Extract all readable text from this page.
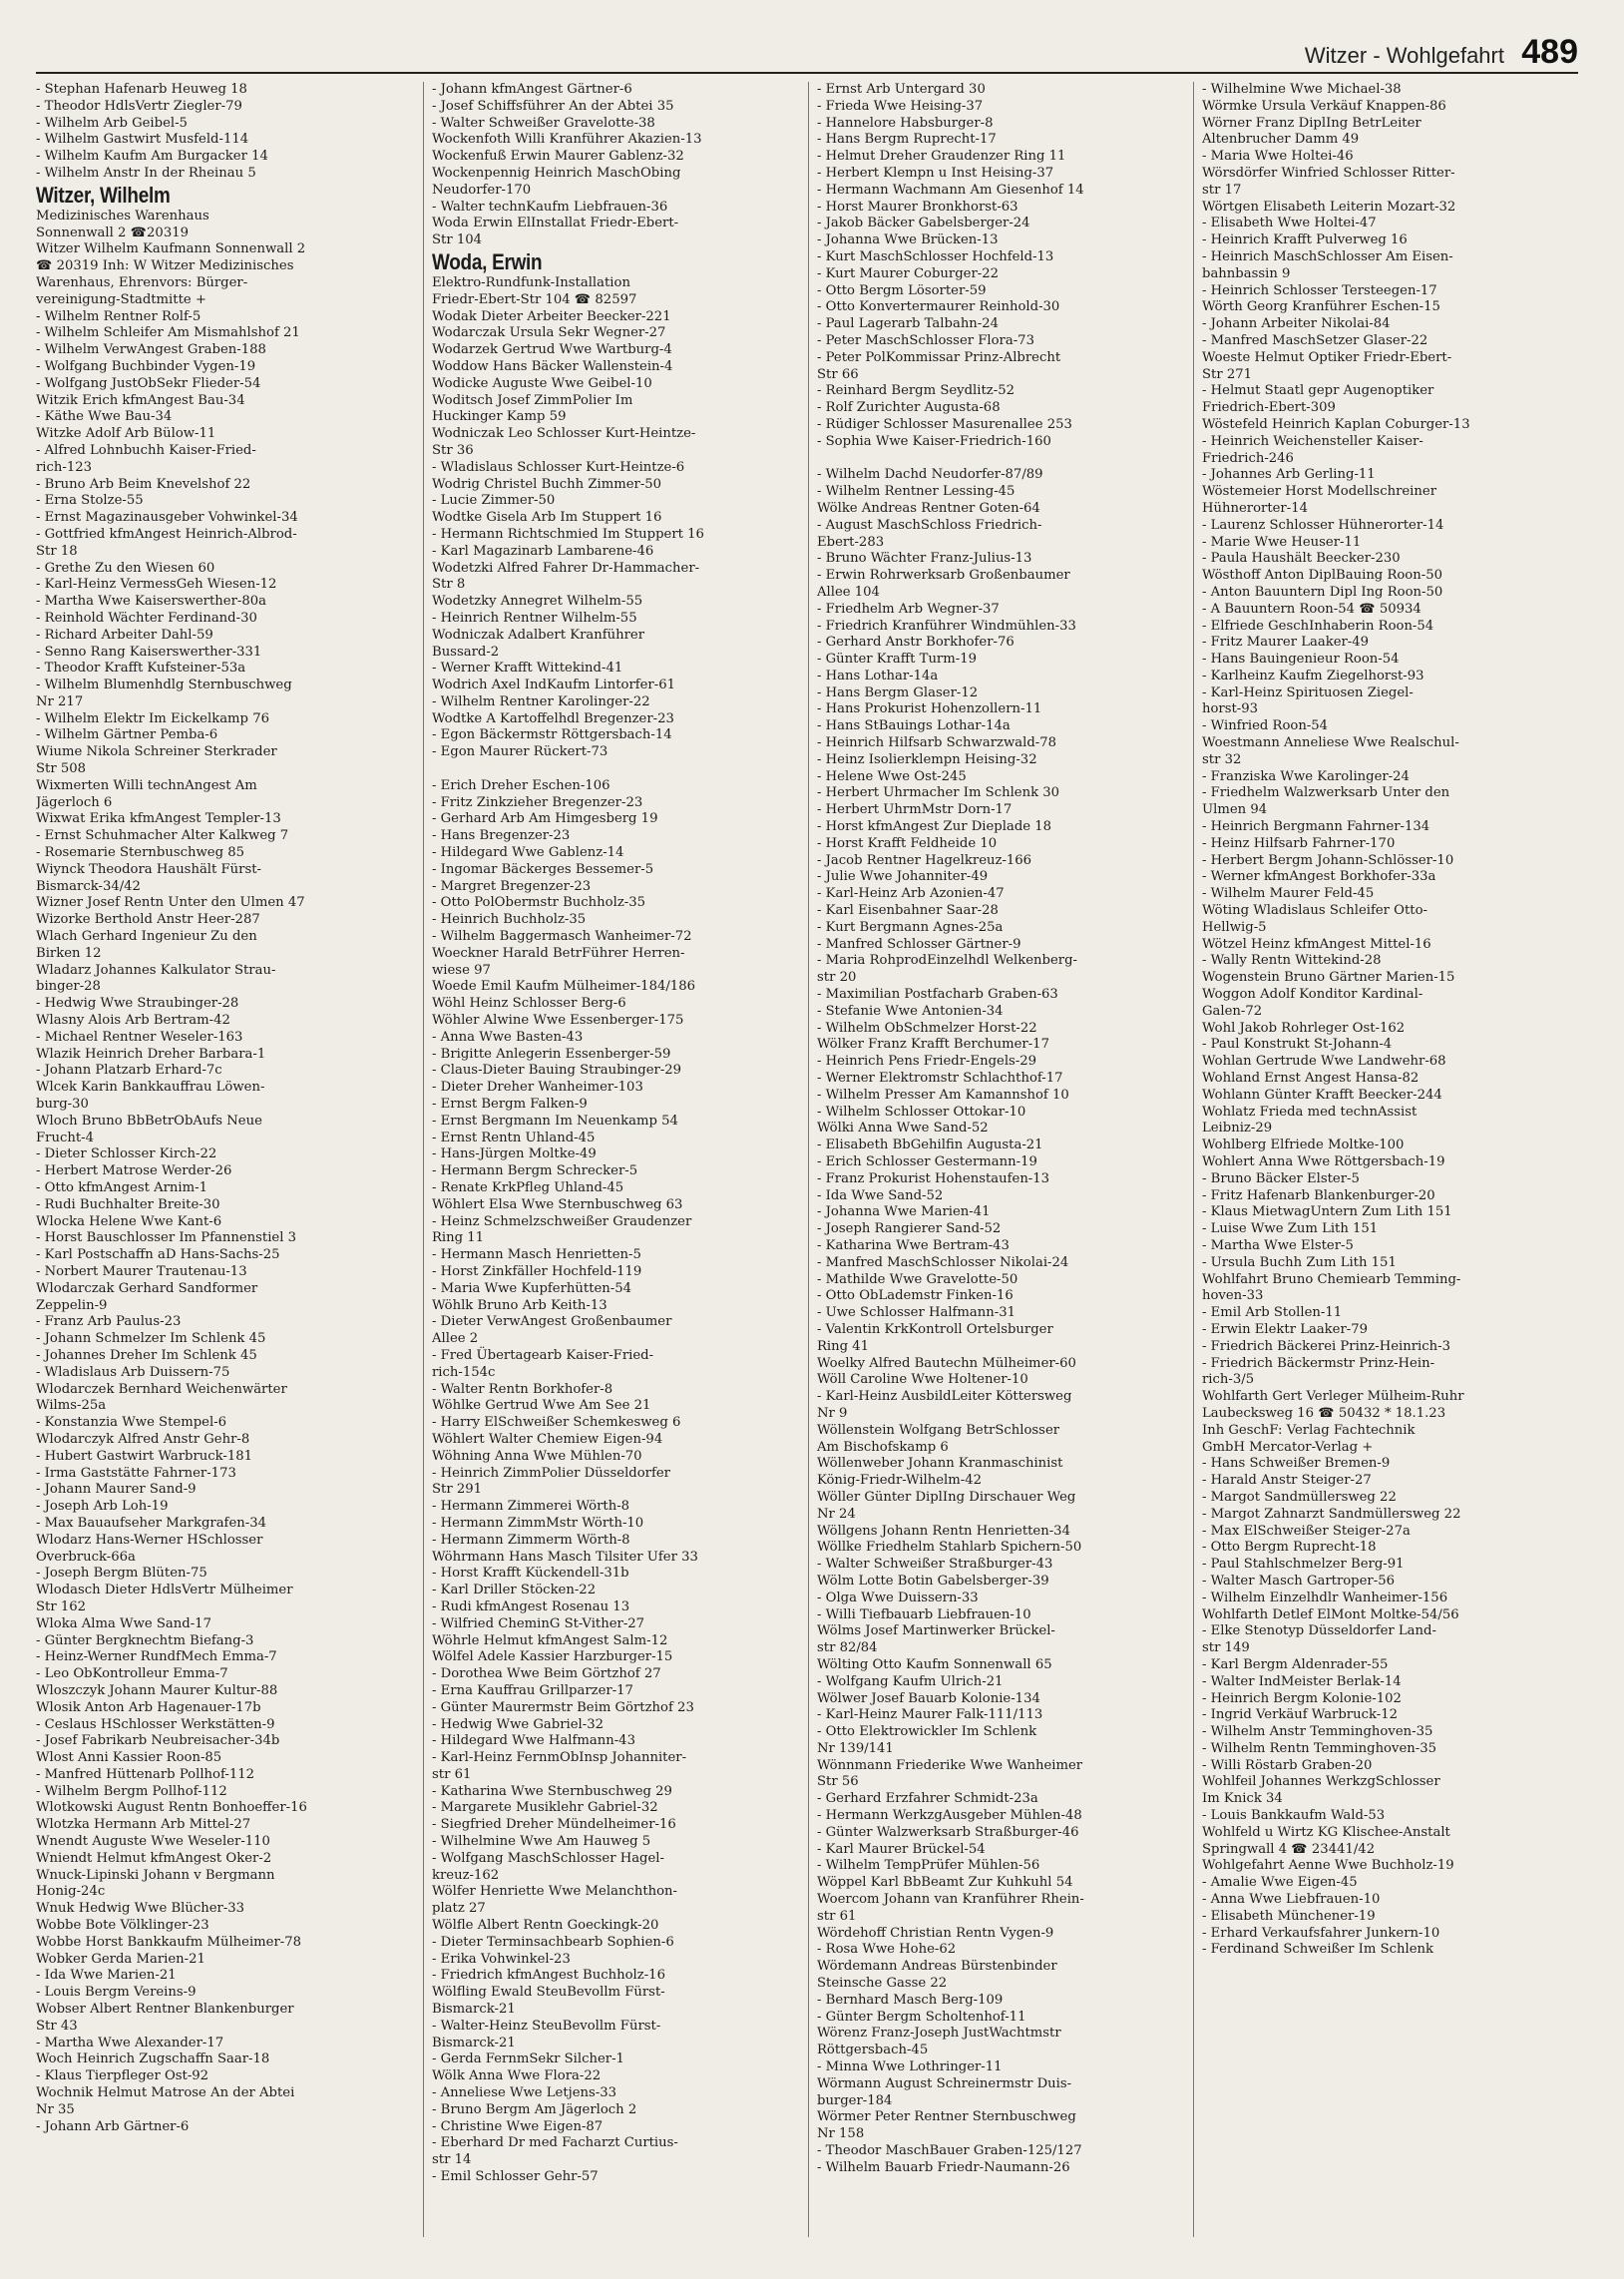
Witzer - Wohlgefahrt 489
- Stephan Hafenarb Heuweg 18
- Theodor HdlsVertr Ziegler-79
- Wilhelm Arb Geibel-5
- Wilhelm Gastwirt Musfeld-114
- Wilhelm Kaufm Am Burgacker 14
- Wilhelm Anstr In der Rheinau 5
Witzer, Wilhelm
Medizinisches Warenhaus
Sonnenwall 2 ☎20319
Witzer Wilhelm Kaufmann Sonnenwall 2
☎ 20319 Inh: W Witzer Medizinisches
Warenhaus, Ehrenvors: Bürger-
vereinigung-Stadtmitte +
- Wilhelm Rentner Rolf-5
- Wilhelm Schleifer Am Mismahlshof 21
- Wilhelm VerwAngest Graben-188
- Wolfgang Buchbinder Vygen-19
- Wolfgang JustObSekr Flieder-54
Witzik Erich kfmAngest Bau-34
- Käthe Wwe Bau-34
Witzke Adolf Arb Bülow-11
- Alfred Lohnbuchh Kaiser-Fried-
rich-123
- Bruno Arb Beim Knevelshof 22
- Erna Stolze-55
- Ernst Magazinausgeber Vohwinkel-34
- Gottfried kfmAngest Heinrich-Albrod-
Str 18
- Grethe Zu den Wiesen 60
- Karl-Heinz VermessGeh Wiesen-12
- Martha Wwe Kaiserswerther-80a
- Reinhold Wächter Ferdinand-30
- Richard Arbeiter Dahl-59
- Senno Rang Kaiserswerther-331
- Theodor Krafft Kufsteiner-53a
- Wilhelm Blumenhdlg Sternbuschweg
Nr 217
- Wilhelm Elektr Im Eickelkamp 76
- Wilhelm Gärtner Pemba-6
Wiume Nikola Schreiner Sterkrader
Str 508
Wixmerten Willi technAngest Am
Jägerloch 6
Wixwat Erika kfmAngest Templer-13
- Ernst Schuhmacher Alter Kalkweg 7
- Rosemarie Sternbuschweg 85
Wiynck Theodora Haushält Fürst-
Bismarck-34/42
Wizner Josef Rentn Unter den Ulmen 47
Wizorke Berthold Anstr Heer-287
Wlach Gerhard Ingenieur Zu den
Birken 12
Wladarz Johannes Kalkulator Strau-
binger-28
- Hedwig Wwe Straubinger-28
Wlasny Alois Arb Bertram-42
- Michael Rentner Weseler-163
Wlazik Heinrich Dreher Barbara-1
- Johann Platzarb Erhard-7c
Wlcek Karin Bankkauffrau Löwen-
burg-30
Wloch Bruno BbBetrObAufs Neue
Frucht-4
- Dieter Schlosser Kirch-22
- Herbert Matrose Werder-26
- Otto kfmAngest Arnim-1
- Rudi Buchhalter Breite-30
Wlocka Helene Wwe Kant-6
- Horst Bauschlosser Im Pfannenstiel 3
- Karl Postschaffn aD Hans-Sachs-25
- Norbert Maurer Trautenau-13
Wlodarczak Gerhard Sandformer
Zeppelin-9
- Franz Arb Paulus-23
- Johann Schmelzer Im Schlenk 45
- Johannes Dreher Im Schlenk 45
- Wladislaus Arb Duissern-75
Wlodarczek Bernhard Weichenwärter
Wilms-25a
- Konstanzia Wwe Stempel-6
Wlodarczyk Alfred Anstr Gehr-8
- Hubert Gastwirt Warbruck-181
- Irma Gaststätte Fahrner-173
- Johann Maurer Sand-9
- Joseph Arb Loh-19
- Max Bauaufseher Markgrafen-34
Wlodarz Hans-Werner HSchlosser
Overbruck-66a
- Joseph Bergm Blüten-75
Wlodasch Dieter HdlsVertr Mülheimer
Str 162
Wloka Alma Wwe Sand-17
- Günter Bergknechtm Biefang-3
- Heinz-Werner RundfMech Emma-7
- Leo ObKontrolleur Emma-7
Wloszczyk Johann Maurer Kultur-88
Wlosik Anton Arb Hagenauer-17b
- Ceslaus HSchlosser Werkstätten-9
- Josef Fabrikarb Neubreisacher-34b
Wlost Anni Kassier Roon-85
- Manfred Hüttenarb Pollhof-112
- Wilhelm Bergm Pollhof-112
Wlotkowski August Rentn Bonhoeffer-16
Wlotzka Hermann Arb Mittel-27
Wnendt Auguste Wwe Weseler-110
Wniendt Helmut kfmAngest Oker-2
Wnuck-Lipinski Johann v Bergmann
Honig-24c
Wnuk Hedwig Wwe Blücher-33
Wobbe Bote Völklinger-23
Wobbe Horst Bankkaufm Mülheimer-78
Wobker Gerda Marien-21
- Ida Wwe Marien-21
- Louis Bergm Vereins-9
Wobser Albert Rentner Blankenburger
Str 43
- Martha Wwe Alexander-17
Woch Heinrich Zugschaffn Saar-18
- Klaus Tierpfleger Ost-92
Wochnik Helmut Matrose An der Abtei
Nr 35
- Johann Arb Gärtner-6
- Johann kfmAngest Gärtner-6
- Josef Schiffsführer An der Abtei 35
- Walter Schweißer Gravelotte-38
Wockenfoth Willi Kranführer Akazien-13
Wockenfuß Erwin Maurer Gablenz-32
Wockenpennig Heinrich MaschObing
Neudorfer-170
- Walter technKaufm Liebfrauen-36
Woda Erwin ElInstallat Friedr-Ebert-
Str 104
Woda, Erwin
Elektro-Rundfunk-Installation
Friedr-Ebert-Str 104 ☎ 82597
Wodak Dieter Arbeiter Beecker-221
Wodarczak Ursula Sekr Wegner-27
Wodarzek Gertrud Wwe Wartburg-4
Woddow Hans Bäcker Wallenstein-4
Wodicke Auguste Wwe Geibel-10
Woditsch Josef ZimmPolier Im
Huckinger Kamp 59
Wodniczak Leo Schlosser Kurt-Heintze-
Str 36
- Wladislaus Schlosser Kurt-Heintze-6
Wodrig Christel Buchh Zimmer-50
- Lucie Zimmer-50
Wodtke Gisela Arb Im Stuppert 16
- Hermann Richtschmied Im Stuppert 16
- Karl Magazinarb Lambarene-46
Wodetzki Alfred Fahrer Dr-Hammacher-
Str 8
Wodetzky Annegret Wilhelm-55
- Heinrich Rentner Wilhelm-55
Wodniczak Adalbert Kranführer
Bussard-2
- Werner Krafft Wittekind-41
Wodrich Axel IndKaufm Lintorfer-61
- Wilhelm Rentner Karolinger-22
Wodtke A Kartoffelhdl Bregenzer-23
- Egon Bäckermstr Röttgersbach-14
- Egon Maurer Rückert-73

- Erich Dreher Eschen-106
- Fritz Zinkzieher Bregenzer-23
- Gerhard Arb Am Himgesberg 19
- Hans Bregenzer-23
- Hildegard Wwe Gablenz-14
- Ingomar Bäckerges Bessemer-5
- Margret Bregenzer-23
- Otto PolObermstr Buchholz-35
- Heinrich Buchholz-35
- Wilhelm Baggermasch Wanheimer-72
Woeckner Harald BetrFührer Herren-
wiese 97
Woede Emil Kaufm Mülheimer-184/186
Wöhl Heinz Schlosser Berg-6
Wöhler Alwine Wwe Essenberger-175
- Anna Wwe Basten-43
- Brigitte Anlegerin Essenberger-59
- Claus-Dieter Bauing Straubinger-29
- Dieter Dreher Wanheimer-103
- Ernst Bergm Falken-9
- Ernst Bergmann Im Neuenkamp 54
- Ernst Rentn Uhland-45
- Hans-Jürgen Moltke-49
- Hermann Bergm Schrecker-5
- Renate KrkPfleg Uhland-45
Wöhlert Elsa Wwe Sternbuschweg 63
- Heinz Schmelzschweißer Graudenzer
Ring 11
- Hermann Masch Henrietten-5
- Horst Zinkfäller Hochfeld-119
- Maria Wwe Kupferhütten-54
Wöhlk Bruno Arb Keith-13
- Dieter VerwAngest Großenbaumer
Allee 2
- Fred Übertagearb Kaiser-Fried-
rich-154c
- Walter Rentn Borkhofer-8
Wöhlke Gertrud Wwe Am See 21
- Harry ElSchweißer Schemkesweg 6
Wöhlert Walter Chemiew Eigen-94
Wöhning Anna Wwe Mühlen-70
- Heinrich ZimmPolier Düsseldorfer
Str 291
- Hermann Zimmerei Wörth-8
- Hermann ZimmMstr Wörth-10
- Hermann Zimmerm Wörth-8
Wöhrmann Hans Masch Tilsiter Ufer 33
- Horst Krafft Kückendell-31b
- Karl Driller Stöcken-22
- Rudi kfmAngest Rosenau 13
- Wilfried CheminG St-Vither-27
Wöhrle Helmut kfmAngest Salm-12
Wölfel Adele Kassier Harzburger-15
- Dorothea Wwe Beim Görtzhof 27
- Erna Kauffrau Grillparzer-17
- Günter Maurermstr Beim Görtzhof 23
- Hedwig Wwe Gabriel-32
- Hildegard Wwe Halfmann-43
- Karl-Heinz FernmObInsp Johanniter-
str 61
- Katharina Wwe Sternbuschweg 29
- Margarete Musiklehr Gabriel-32
- Siegfried Dreher Mündelheimer-16
- Wilhelmine Wwe Am Hauweg 5
- Wolfgang MaschSchlosser Hagel-
kreuz-162
Wölfer Henriette Wwe Melanchthon-
platz 27
Wölfle Albert Rentn Goeckingk-20
- Dieter Terminsachbearb Sophien-6
- Erika Vohwinkel-23
- Friedrich kfmAngest Buchholz-16
Wölfling Ewald SteuBevollm Fürst-
Bismarck-21
- Walter-Heinz SteuBevollm Fürst-
Bismarck-21
- Gerda FernmSekr Silcher-1
Wölk Anna Wwe Flora-22
- Anneliese Wwe Letjens-33
- Bruno Bergm Am Jägerloch 2
- Christine Wwe Eigen-87
- Eberhard Dr med Facharzt Curtius-
str 14
- Emil Schlosser Gehr-57
- Ernst Arb Untergard 30
- Frieda Wwe Heising-37
- Hannelore Habsburger-8
- Hans Bergm Ruprecht-17
- Helmut Dreher Graudenzer Ring 11
- Herbert Klempn u Inst Heising-37
- Hermann Wachmann Am Giesenhof 14
- Horst Maurer Bronkhorst-63
- Jakob Bäcker Gabelsberger-24
- Johanna Wwe Brücken-13
- Kurt MaschSchlosser Hochfeld-13
- Kurt Maurer Coburger-22
- Otto Bergm Lösorter-59
- Otto Konvertermaurer Reinhold-30
- Paul Lagerarb Talbahn-24
- Peter MaschSchlosser Flora-73
- Peter PolKommissar Prinz-Albrecht
Str 66
- Reinhard Bergm Seydlitz-52
- Rolf Zurichter Augusta-68
- Rüdiger Schlosser Masurenallee 253
- Sophia Wwe Kaiser-Friedrich-160

- Wilhelm Dachd Neudorfer-87/89
- Wilhelm Rentner Lessing-45
Wölke Andreas Rentner Goten-64
- August MaschSchloss Friedrich-
Ebert-283
- Bruno Wächter Franz-Julius-13
- Erwin Rohrwerksarb Großenbaumer
Allee 104
- Friedhelm Arb Wegner-37
- Friedrich Kranführer Windmühlen-33
- Gerhard Anstr Borkhofer-76
- Günter Krafft Turm-19
- Hans Lothar-14a
- Hans Bergm Glaser-12
- Hans Prokurist Hohenzollern-11
- Hans StBauings Lothar-14a
- Heinrich Hilfsarb Schwarzwald-78
- Heinz Isolierklempn Heising-32
- Helene Wwe Ost-245
- Herbert Uhrmacher Im Schlenk 30
- Herbert UhrmMstr Dorn-17
- Horst kfmAngest Zur Dieplade 18
- Horst Krafft Feldheide 10
- Jacob Rentner Hagelkreuz-166
- Julie Wwe Johanniter-49
- Karl-Heinz Arb Azonien-47
- Karl Eisenbahner Saar-28
- Kurt Bergmann Agnes-25a
- Manfred Schlosser Gärtner-9
- Maria RohprodEinzelhdl Welkenberg-
str 20
- Maximilian Postfacharb Graben-63
- Stefanie Wwe Antonien-34
- Wilhelm ObSchmelzer Horst-22
Wölker Franz Krafft Berchumer-17
- Heinrich Pens Friedr-Engels-29
- Werner Elektromstr Schlachthof-17
- Wilhelm Presser Am Kamannshof 10
- Wilhelm Schlosser Ottokar-10
Wölki Anna Wwe Sand-52
- Elisabeth BbGehilfin Augusta-21
- Erich Schlosser Gestermann-19
- Franz Prokurist Hohenstaufen-13
- Ida Wwe Sand-52
- Johanna Wwe Marien-41
- Joseph Rangierer Sand-52
- Katharina Wwe Bertram-43
- Manfred MaschSchlosser Nikolai-24
- Mathilde Wwe Gravelotte-50
- Otto ObLademstr Finken-16
- Uwe Schlosser Halfmann-31
- Valentin KrkKontroll Ortelsburger
Ring 41
Woelky Alfred Bautechn Mülheimer-60
Wöll Caroline Wwe Holtener-10
- Karl-Heinz AusbildLeiter Köttersweg
Nr 9
Wöllenstein Wolfgang BetrSchlosser
Am Bischofskamp 6
Wöllenweber Johann Kranmaschinist
König-Friedr-Wilhelm-42
Wöller Günter DiplIng Dirschauer Weg
Nr 24
Wöllgens Johann Rentn Henrietten-34
Wöllke Friedhelm Stahlarb Spichern-50
- Walter Schweißer Straßburger-43
Wölm Lotte Botin Gabelsberger-39
- Olga Wwe Duissern-33
- Willi Tiefbauarb Liebfrauen-10
Wölms Josef Martinwerker Brückel-
str 82/84
Wölting Otto Kaufm Sonnenwall 65
- Wolfgang Kaufm Ulrich-21
Wölwer Josef Bauarb Kolonie-134
- Karl-Heinz Maurer Falk-111/113
- Otto Elektrowickler Im Schlenk
Nr 139/141
Wönnmann Friederike Wwe Wanheimer
Str 56
- Gerhard Erzfahrer Schmidt-23a
- Hermann WerkzgAusgeber Mühlen-48
- Günter Walzwerksarb Straßburger-46
- Karl Maurer Brückel-54
- Wilhelm TempPrüfer Mühlen-56
Wöppel Karl BbBeamt Zur Kuhkuhl 54
Woercom Johann van Kranführer Rhein-
str 61
Wördehoff Christian Rentn Vygen-9
- Rosa Wwe Hohe-62
Wördemann Andreas Bürstenbinder
Steinsche Gasse 22
- Bernhard Masch Berg-109
- Günter Bergm Scholtenhof-11
Wörenz Franz-Joseph JustWachtmstr
Röttgersbach-45
- Minna Wwe Lothringer-11
Wörmann August Schreinermstr Duis-
burger-184
Wörmer Peter Rentner Sternbuschweg
Nr 158
- Theodor MaschBauer Graben-125/127
- Wilhelm Bauarb Friedr-Naumann-26
- Wilhelmine Wwe Michael-38
Wörmke Ursula Verkäuf Knappen-86
Wörner Franz DiplIng BetrLeiter
Altenbrucher Damm 49
- Maria Wwe Holtei-46
Wörsdörfer Winfried Schlosser Ritter-
str 17
Wörtgen Elisabeth Leiterin Mozart-32
- Elisabeth Wwe Holtei-47
- Heinrich Krafft Pulverweg 16
- Heinrich MaschSchlosser Am Eisen-
bahnbassin 9
- Heinrich Schlosser Tersteegen-17
Wörth Georg Kranführer Eschen-15
- Johann Arbeiter Nikolai-84
- Manfred MaschSetzer Glaser-22
Woeste Helmut Optiker Friedr-Ebert-
Str 271
- Helmut Staatl gepr Augenoptiker
Friedrich-Ebert-309
Wöstefeld Heinrich Kaplan Coburger-13
- Heinrich Weichensteller Kaiser-
Friedrich-246
- Johannes Arb Gerling-11
Wöstemeier Horst Modellschreiner
Hühnerorter-14
- Laurenz Schlosser Hühnerorter-14
- Marie Wwe Heuser-11
- Paula Haushält Beecker-230
Wösthoff Anton DiplBauing Roon-50
- Anton Bauuntern Dipl Ing Roon-50
- A Bauuntern Roon-54 ☎ 50934
- Elfriede GeschInhaberin Roon-54
- Fritz Maurer Laaker-49
- Hans Bauingenieur Roon-54
- Karlheinz Kaufm Ziegelhorst-93
- Karl-Heinz Spirituosen Ziegel-
horst-93
- Winfried Roon-54
Woestmann Anneliese Wwe Realschul-
str 32
- Franziska Wwe Karolinger-24
- Friedhelm Walzwerksarb Unter den
Ulmen 94
- Heinrich Bergmann Fahrner-134
- Heinz Hilfsarb Fahrner-170
- Herbert Bergm Johann-Schlösser-10
- Werner kfmAngest Borkhofer-33a
- Wilhelm Maurer Feld-45
Wöting Wladislaus Schleifer Otto-
Hellwig-5
Wötzel Heinz kfmAngest Mittel-16
- Wally Rentn Wittekind-28
Wogenstein Bruno Gärtner Marien-15
Woggon Adolf Konditor Kardinal-
Galen-72
Wohl Jakob Rohrleger Ost-162
- Paul Konstrukt St-Johann-4
Wohlan Gertrude Wwe Landwehr-68
Wohland Ernst Angest Hansa-82
Wohlann Günter Krafft Beecker-244
Wohlatz Frieda med technAssist
Leibniz-29
Wohlberg Elfriede Moltke-100
Wohlert Anna Wwe Röttgersbach-19
- Bruno Bäcker Elster-5
- Fritz Hafenarb Blankenburger-20
- Klaus MietwagUntern Zum Lith 151
- Luise Wwe Zum Lith 151
- Martha Wwe Elster-5
- Ursula Buchh Zum Lith 151
Wohlfahrt Bruno Chemiearb Temming-
hoven-33
- Emil Arb Stollen-11
- Erwin Elektr Laaker-79
- Friedrich Bäckerei Prinz-Heinrich-3
- Friedrich Bäckermstr Prinz-Hein-
rich-3/5
Wohlfarth Gert Verleger Mülheim-Ruhr
Laubecksweg 16 ☎ 50432 * 18.1.23
Inh GeschF: Verlag Fachtechnik
GmbH Mercator-Verlag +
- Hans Schweißer Bremen-9
- Harald Anstr Steiger-27
- Margot Sandmüllersweg 22
- Margot Zahnarzt Sandmüllersweg 22
- Max ElSchweißer Steiger-27a
- Otto Bergm Ruprecht-18
- Paul Stahlschmelzer Berg-91
- Walter Masch Gartroper-56
- Wilhelm Einzelhdlr Wanheimer-156
Wohlfarth Detlef ElMont Moltke-54/56
- Elke Stenotyp Düsseldorfer Land-
str 149
- Karl Bergm Aldenrader-55
- Walter IndMeister Berlak-14
- Heinrich Bergm Kolonie-102
- Ingrid Verkäuf Warbruck-12
- Wilhelm Anstr Temminghoven-35
- Wilhelm Rentn Temminghoven-35
- Willi Röstarb Graben-20
Wohlfeil Johannes WerkzgSchlosser
Im Knick 34
- Louis Bankkaufm Wald-53
Wohlfeld u Wirtz KG Klischee-Anstalt
Springwall 4 ☎ 23441/42
Wohlgefahrt Aenne Wwe Buchholz-19
- Amalie Wwe Eigen-45
- Anna Wwe Liebfrauen-10
- Elisabeth Münchener-19
- Erhard Verkaufsfahrer Junkern-10
- Ferdinand Schweißer Im Schlenk
